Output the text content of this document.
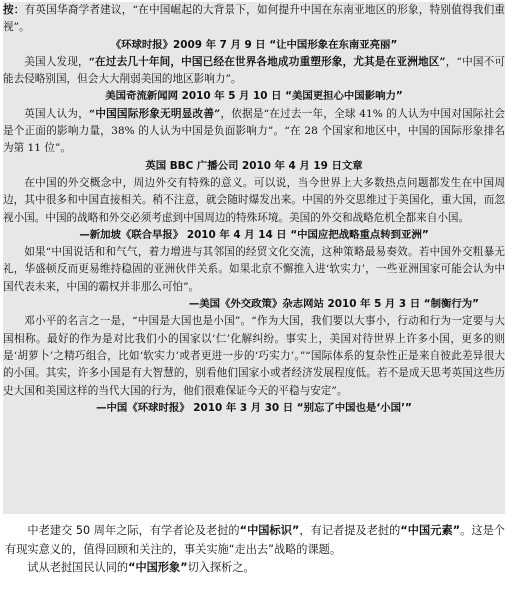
按：有英国华裔学者建议，“在中国崛起的大背景下，如何提升中国在东南亚地区的形象，特别值得我们重视”。

《环球时报》2009 年 7 月 9 日 “让中国形象在东南亚亮丽”

美国人发现，“在过去几十年间，中国已经在世界各地成功重塑形象，尤其是在亚洲地区”，“中国不可能去侵略别国，但会大大削弱美国的地区影响力”。

美国奇流新闻网 2010 年 5 月 10 日 “美国更担心中国影响力”

英国人认为，“中国国际形象无明显改善”，依据是“在过去一年，全球 41% 的人认为中国对国际社会是个正面的影响力量，38% 的人认为中国是负面影响力”。“在 28 个国家和地区中，中国的国际形象排名为第 11 位”。

英国 BBC 广播公司 2010 年 4 月 19 日文章

在中国的外交概念中，周边外交有特殊的意义。可以说，当今世界上大多数热点问题都发生在中国周边，其中很多和中国直接相关。稍不注意，就会随时爆发出来。中国的外交思维过于美国化，重大国，而忽视小国。中国的战略和外交必须考虑到中国周边的特殊环境。美国的外交和战略危机全都来自小国。

—新加坡《联合早报》 2010 年 4 月 14 日 “中国应把战略重点转到亚洲”

如果“中国说话和和气气，着力增进与其邻国的经贸文化交流，这种策略最易奏效。若中国外交粗暴无礼，华盛顿反而更易维持稳固的亚洲伙伴关系。如果北京不懈推入进‘软实力’，一些亚洲国家可能会认为中国代表未来，中国的霸权并非那么可怕”。

—美国《外交政策》杂志网站 2010 年 5 月 3 日 “制衡行为”

邓小平的名言之一是，“中国是大国也是小国”。“作为大国，我们要以大事小，行动和行为一定要与大国相称。最好的作为是对比我们小的国家以‘仁’化解纠纷。事实上，美国对待世界上许多小国，更多的则是‘胡萝卜’之精巧组合，比如‘软实力’或者更进一步的‘巧实力’。”“国际体系的复杂性正是来自彼此差异很大的小国。其实，许多小国是有大智慧的，别看他们国家小或者经济发展程度低。若不是成天思考英国这些历史大国和美国这样的当代大国的行为，他们很难保证今天的平稳与安定”。

—中国《环球时报》 2010 年 3 月 30 日 “别忘了中国也是‘小国’”

中老建交 50 周年之际，有学者论及老挝的“中国标识”，有记者提及老挝的“中国元素”。这是个有现实意义的，值得回顾和关注的，事关实施“走出去”战略的课题。

试从老挝国民认同的“中国形象”切入探析之。
